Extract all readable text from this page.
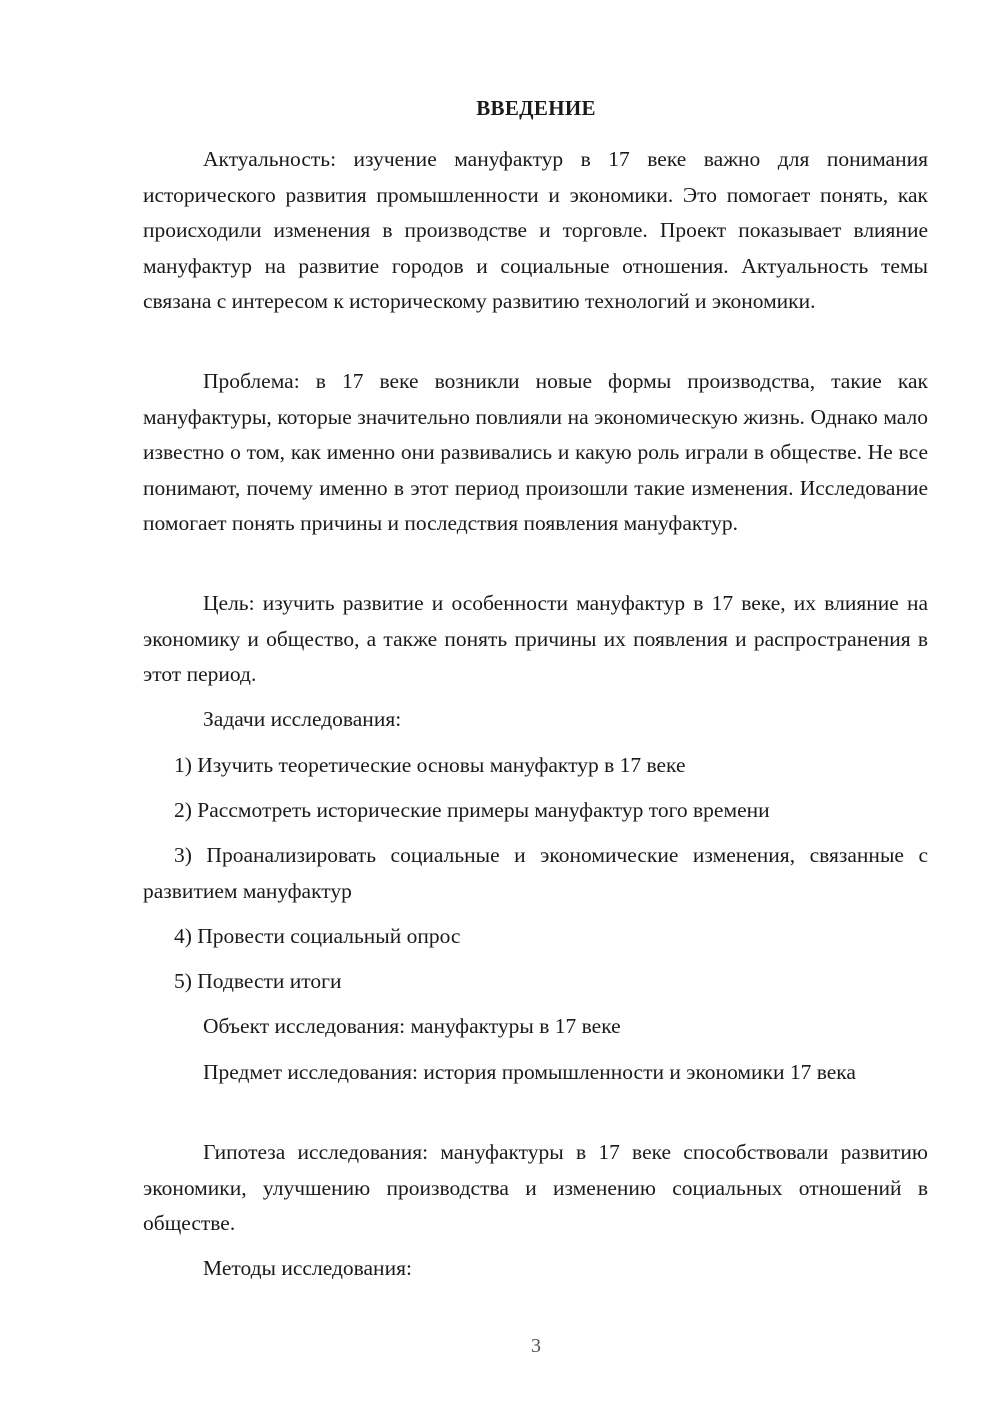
ВВЕДЕНИЕ

Актуальность: изучение мануфактур в 17 веке важно для понимания исторического развития промышленности и экономики. Это помогает понять, как происходили изменения в производстве и торговле. Проект показывает влияние мануфактур на развитие городов и социальные отношения. Актуальность темы связана с интересом к историческому развитию технологий и экономики.

Проблема: в 17 веке возникли новые формы производства, такие как мануфактуры, которые значительно повлияли на экономическую жизнь. Однако мало известно о том, как именно они развивались и какую роль играли в обществе. Не все понимают, почему именно в этот период произошли такие изменения. Исследование помогает понять причины и последствия появления мануфактур.

Цель: изучить развитие и особенности мануфактур в 17 веке, их влияние на экономику и общество, а также понять причины их появления и распространения в этот период.

Задачи исследования:

1) Изучить теоретические основы мануфактур в 17 веке

2) Рассмотреть исторические примеры мануфактур того времени

3) Проанализировать социальные и экономические изменения, связанные с развитием мануфактур

4) Провести социальный опрос

5) Подвести итоги

Объект исследования: мануфактуры в 17 веке

Предмет исследования: история промышленности и экономики 17 века

Гипотеза исследования: мануфактуры в 17 веке способствовали развитию экономики, улучшению производства и изменению социальных отношений в обществе.

Методы исследования:

3
